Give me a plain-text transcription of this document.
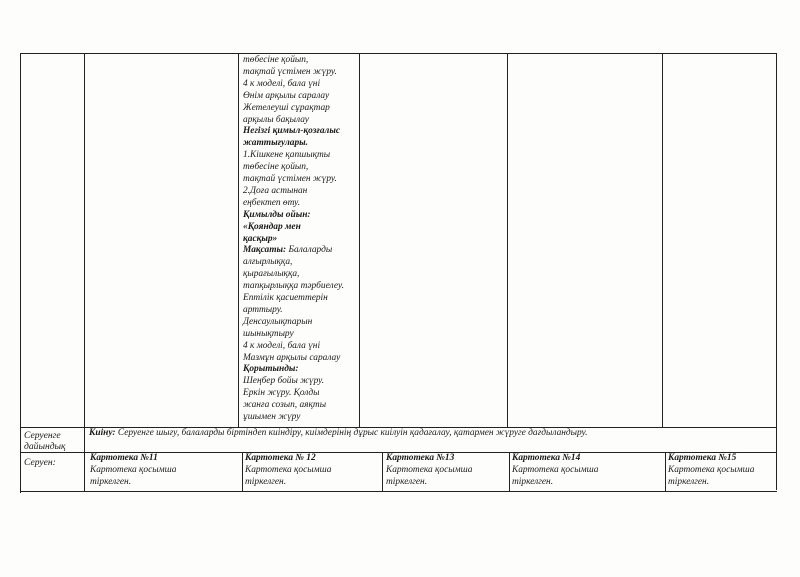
төбесіне қойып,
тақтай үстімен жүру.
4 к моделі, бала үні
Өнім арқылы саралау
Жетелеуші сұрақтар
арқылы бақылау
Негізгі қимыл-қозғалыс
жаттығулары.
1.Кішкене қапшықты
төбесіне қойып,
тақтай үстімен жүру.
2.Доға астынан
еңбектеп өту.
Қимылды ойын:
«Қояндар мен
қасқыр»
Мақсаты: Балаларды
алғырлыққа,
қырағылыққа,
тапқырлыққа тәрбиелеу.
Ептілік қасиеттерін
арттыру.
Денсаулықтарын
шынықтыру
4 к моделі, бала үні
Мазмұн арқылы саралау
Қорытынды:
Шеңбер бойы жүру.
Еркін жүру. Қолды
жанға созып, аяқты
ұшымен жүру
Серуенге
дайындық
Киіну: Серуенге шығу, балаларды біртіндеп киіндіру, киімдерінің дұрыс киілуін қадағалау, қатармен жүруге дағдыландыру.
Серуен:	Картотека №11
Картотека қосымша
тіркелген.
Картотека № 12
Картотека қосымша
тіркелген.
Картотека №13
Картотека қосымша
тіркелген.
Картотека №14
Картотека қосымша
тіркелген.
Картотека №15
Картотека қосымша
тіркелген.
